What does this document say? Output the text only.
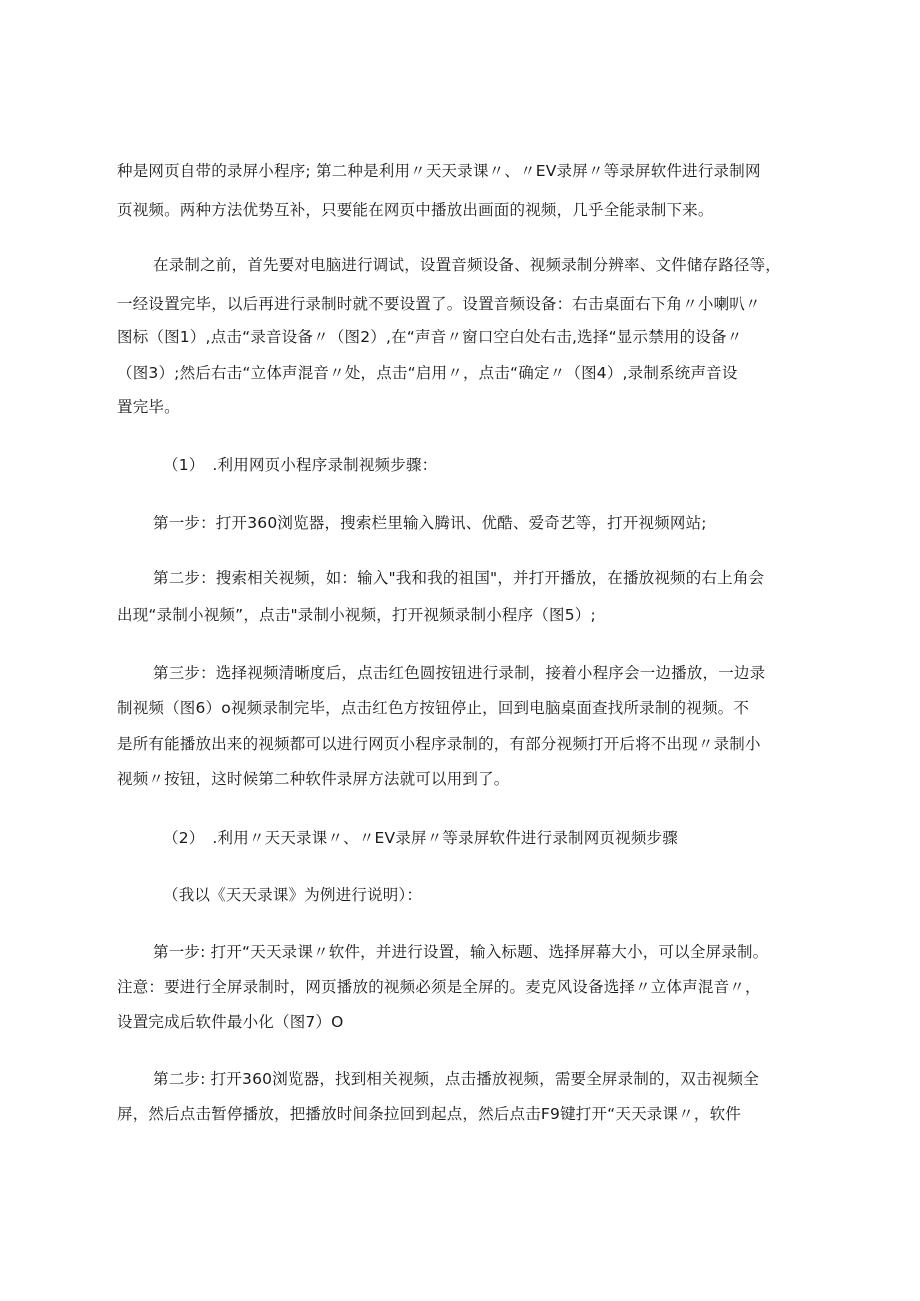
种是网页自带的录屏小程序; 第二种是利用〃天天录课〃、〃EV录屏〃等录屏软件进行录制网
页视频。两种方法优势互补，只要能在网页中播放出画面的视频，几乎全能录制下来。
在录制之前，首先要对电脑进行调试，设置音频设备、视频录制分辨率、文件储存路径等，
一经设置完毕，以后再进行录制时就不要设置了。设置音频设备：右击桌面右下角〃小喇叭〃
图标（图1）,点击“录音设备〃（图2）,在“声音〃窗口空白处右击,选择“显示禁用的设备〃
（图3）;然后右击“立体声混音〃处，点击“启用〃，点击“确定〃（图4）,录制系统声音设
置完毕。
（1）　.利用网页小程序录制视频步骤：
第一步：打开360浏览器，搜索栏里输入腾讯、优酷、爱奇艺等，打开视频网站;
第二步：搜索相关视频，如：输入"我和我的祖国"，并打开播放，在播放视频的右上角会
出现“录制小视频”，点击"录制小视频，打开视频录制小程序（图5）;
第三步：选择视频清晰度后，点击红色圆按钮进行录制，接着小程序会一边播放，一边录
制视频（图6）o视频录制完毕，点击红色方按钮停止，回到电脑桌面查找所录制的视频。不
是所有能播放出来的视频都可以进行网页小程序录制的，有部分视频打开后将不出现〃录制小
视频〃按钮，这时候第二种软件录屏方法就可以用到了。
（2）　.利用〃天天录课〃、〃EV录屏〃等录屏软件进行录制网页视频步骤
（我以《天天录课》为例进行说明）：
第一步: 打开“天天录课〃软件，并进行设置，输入标题、选择屏幕大小，可以全屏录制。
注意：要进行全屏录制时，网页播放的视频必须是全屏的。麦克风设备选择〃立体声混音〃，
设置完成后软件最小化（图7）O
第二步: 打开360浏览器，找到相关视频，点击播放视频，需要全屏录制的，双击视频全
屏，然后点击暂停播放，把播放时间条拉回到起点，然后点击F9键打开“天天录课〃，软件
